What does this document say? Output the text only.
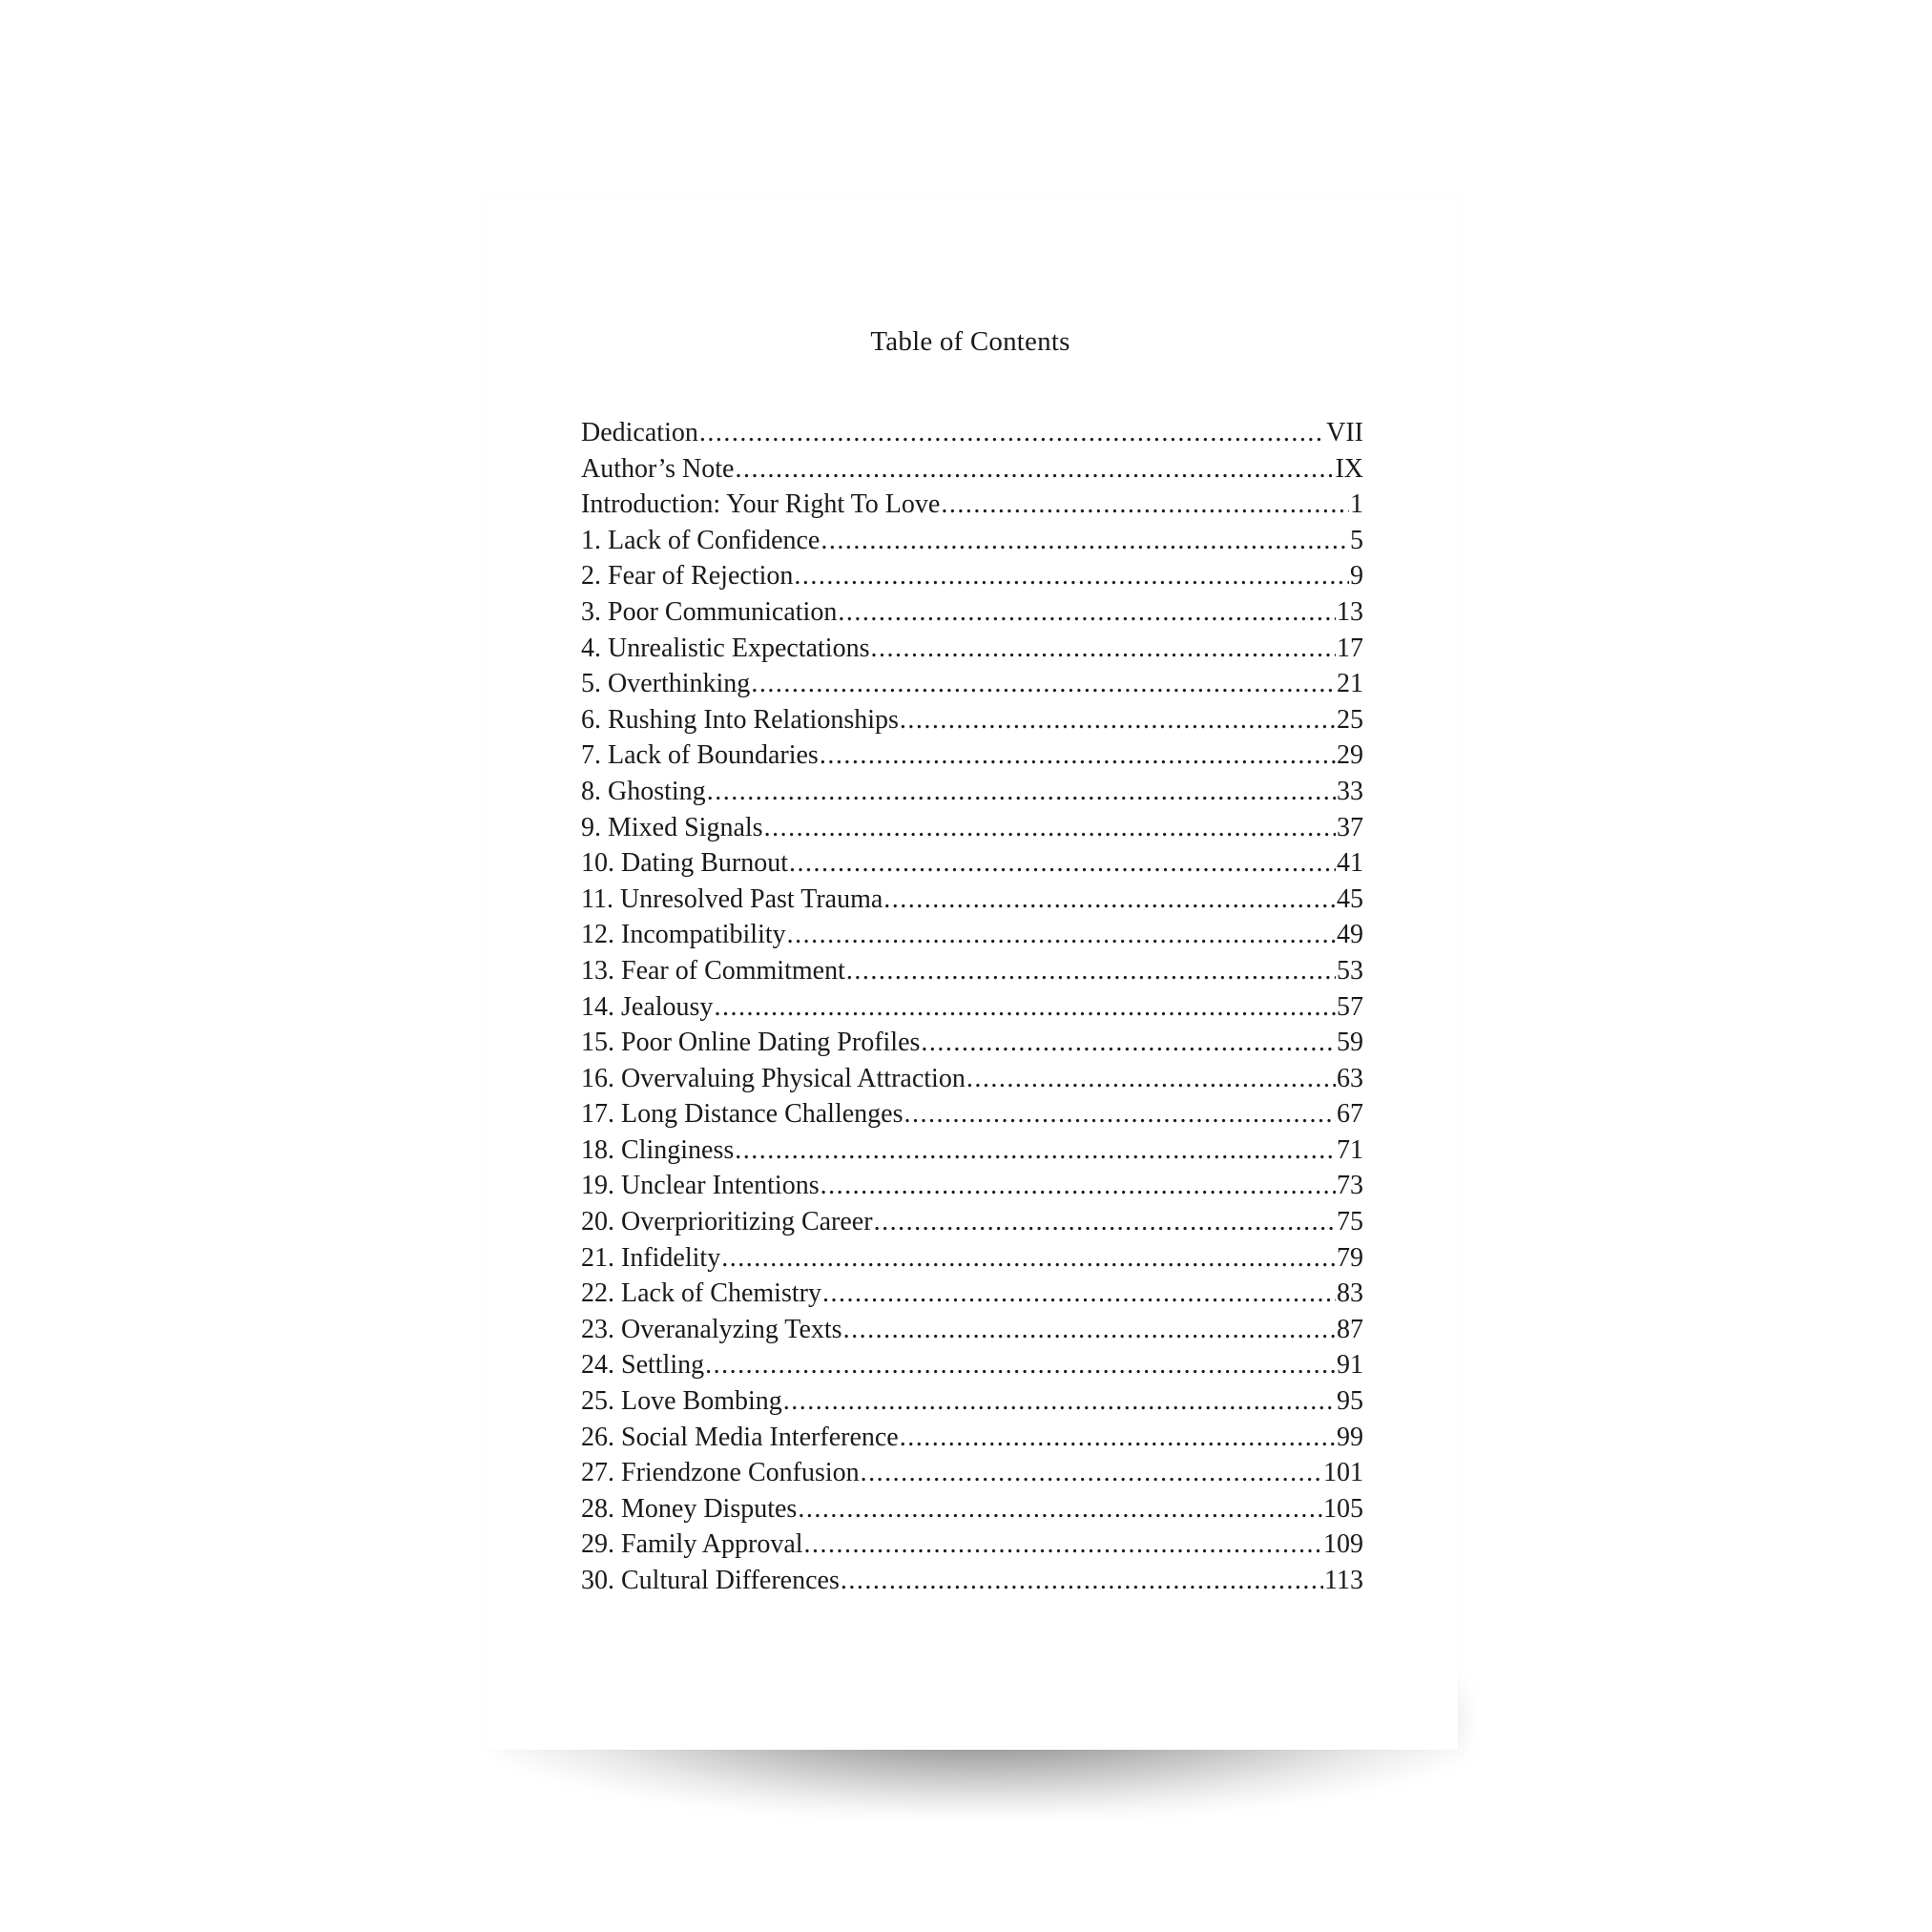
Table of Contents
Dedication .....	VII
Author’s Note .....	IX
Introduction: Your Right To Love .....	1
1. Lack of Confidence .....	5
2. Fear of Rejection .....	9
3. Poor Communication .....	13
4. Unrealistic Expectations .....	17
5. Overthinking .....	21
6. Rushing Into Relationships .....	25
7. Lack of Boundaries .....	29
8. Ghosting .....	33
9. Mixed Signals .....	37
10. Dating Burnout .....	41
11. Unresolved Past Trauma .....	45
12. Incompatibility .....	49
13. Fear of Commitment .....	53
14. Jealousy .....	57
15. Poor Online Dating Profiles .....	59
16. Overvaluing Physical Attraction .....	63
17. Long Distance Challenges .....	67
18. Clinginess .....	71
19. Unclear Intentions .....	73
20. Overprioritizing Career .....	75
21. Infidelity .....	79
22. Lack of Chemistry .....	83
23. Overanalyzing Texts .....	87
24. Settling .....	91
25. Love Bombing .....	95
26. Social Media Interference .....	99
27. Friendzone Confusion .....	101
28. Money Disputes .....	105
29. Family Approval .....	109
30. Cultural Differences .....	113
